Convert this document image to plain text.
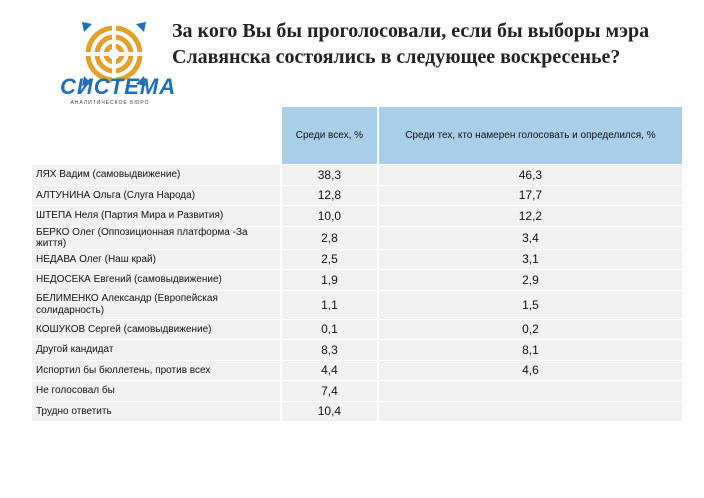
СИСТЕМА
АНАЛИТИЧЕСКОЕ БЮРО
За кого Вы бы проголосовали, если бы выборы мэра Славянска состоялись в следующее воскресенье?
	Среди всех, %	Среди тех, кто намерен голосовать и определился, %
ЛЯХ Вадим (самовыдвижение)	38,3	46,3
АЛТУНИНА Ольга (Слуга Народа)	12,8	17,7
ШТЕПА Неля (Партия Мира и Развития)	10,0	12,2
БЕРКО Олег (Оппозиционная платформа -За життя)	2,8	3,4
НЕДАВА Олег (Наш край)	2,5	3,1
НЕДОСЕКА Евгений (самовыдвижение)	1,9	2,9
БЕЛИМЕНКО Александр (Европейская солидарность)	1,1	1,5
КОШУКОВ Сергей (самовыдвижение)	0,1	0,2
Другой кандидат	8,3	8,1
Испортил бы бюллетень, против всех	4,4	4,6
Не голосовал бы	7,4	
Трудно ответить	10,4	
